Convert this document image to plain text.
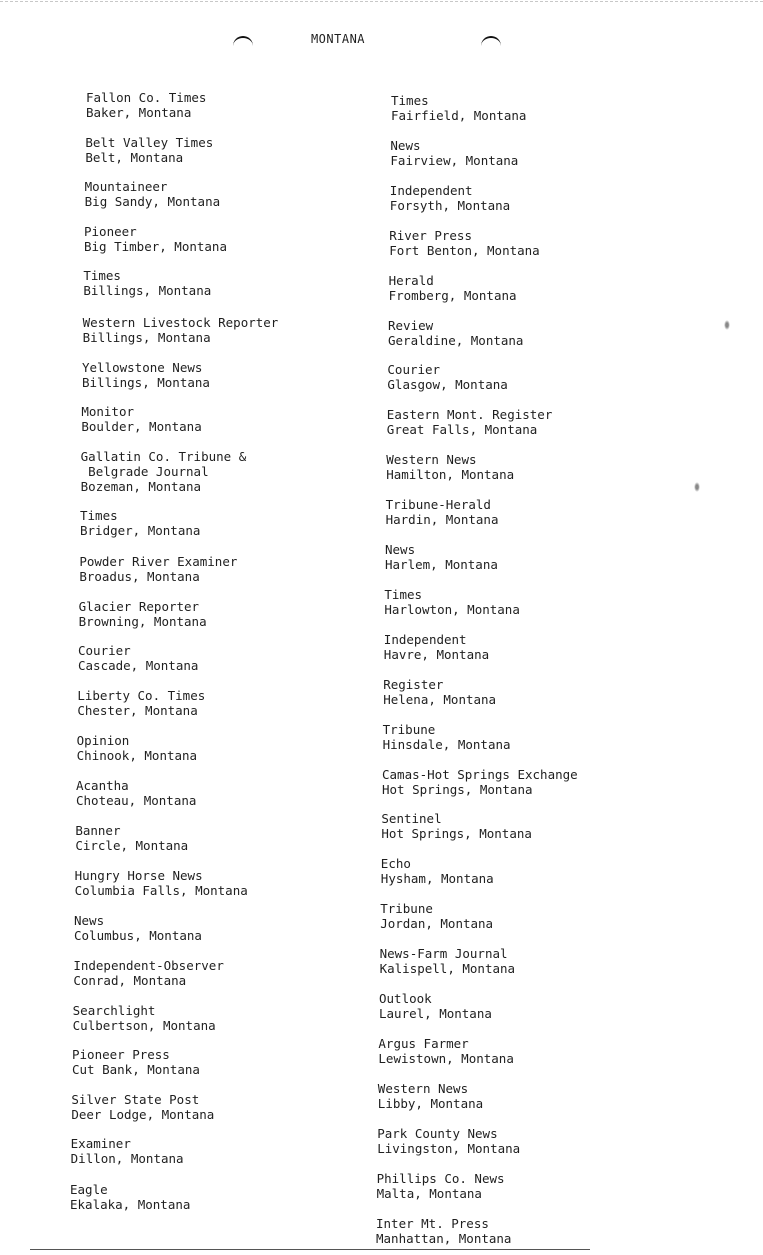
MONTANA
Fallon Co. Times
Baker, Montana
Belt Valley Times
Belt, Montana
Mountaineer
Big Sandy, Montana
Pioneer
Big Timber, Montana
Times
Billings, Montana
Western Livestock Reporter
Billings, Montana
Yellowstone News
Billings, Montana
Monitor
Boulder, Montana
Gallatin Co. Tribune &
Belgrade Journal
Bozeman, Montana
Times
Bridger, Montana
Powder River Examiner
Broadus, Montana
Glacier Reporter
Browning, Montana
Courier
Cascade, Montana
Liberty Co. Times
Chester, Montana
Opinion
Chinook, Montana
Acantha
Choteau, Montana
Banner
Circle, Montana
Hungry Horse News
Columbia Falls, Montana
News
Columbus, Montana
Independent-Observer
Conrad, Montana
Searchlight
Culbertson, Montana
Pioneer Press
Cut Bank, Montana
Silver State Post
Deer Lodge, Montana
Examiner
Dillon, Montana
Eagle
Ekalaka, Montana
Times
Fairfield, Montana
News
Fairview, Montana
Independent
Forsyth, Montana
River Press
Fort Benton, Montana
Herald
Fromberg, Montana
Review
Geraldine, Montana
Courier
Glasgow, Montana
Eastern Mont. Register
Great Falls, Montana
Western News
Hamilton, Montana
Tribune-Herald
Hardin, Montana
News
Harlem, Montana
Times
Harlowton, Montana
Independent
Havre, Montana
Register
Helena, Montana
Tribune
Hinsdale, Montana
Camas-Hot Springs Exchange
Hot Springs, Montana
Sentinel
Hot Springs, Montana
Echo
Hysham, Montana
Tribune
Jordan, Montana
News-Farm Journal
Kalispell, Montana
Outlook
Laurel, Montana
Argus Farmer
Lewistown, Montana
Western News
Libby, Montana
Park County News
Livingston, Montana
Phillips Co. News
Malta, Montana
Inter Mt. Press
Manhattan, Montana
